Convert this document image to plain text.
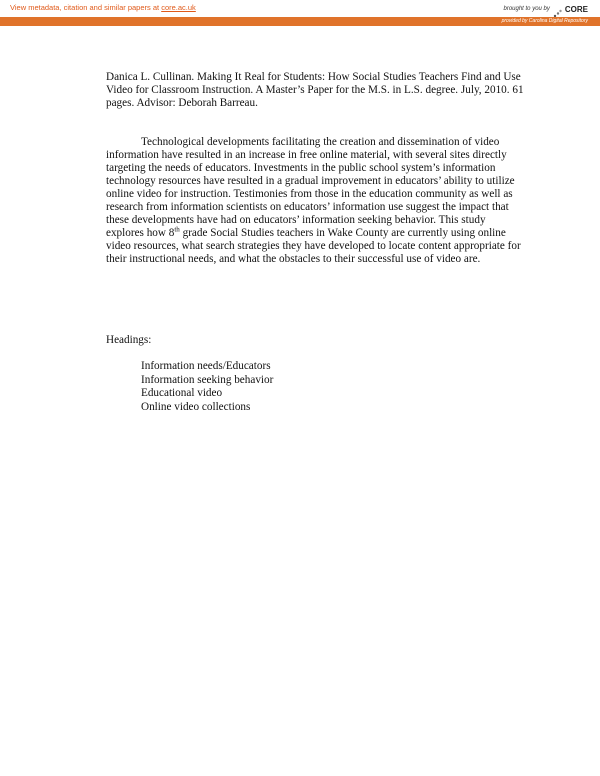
View metadata, citation and similar papers at core.ac.uk	brought to you by CORE
provided by Carolina Digital Repository
Danica L. Cullinan. Making It Real for Students: How Social Studies Teachers Find and Use Video for Classroom Instruction. A Master’s Paper for the M.S. in L.S. degree. July, 2010. 61 pages. Advisor: Deborah Barreau.
Technological developments facilitating the creation and dissemination of video information have resulted in an increase in free online material, with several sites directly targeting the needs of educators. Investments in the public school system’s information technology resources have resulted in a gradual improvement in educators’ ability to utilize online video for instruction. Testimonies from those in the education community as well as research from information scientists on educators’ information use suggest the impact that these developments have had on educators’ information seeking behavior. This study explores how 8th grade Social Studies teachers in Wake County are currently using online video resources, what search strategies they have developed to locate content appropriate for their instructional needs, and what the obstacles to their successful use of video are.
Headings:
Information needs/Educators
Information seeking behavior
Educational video
Online video collections
